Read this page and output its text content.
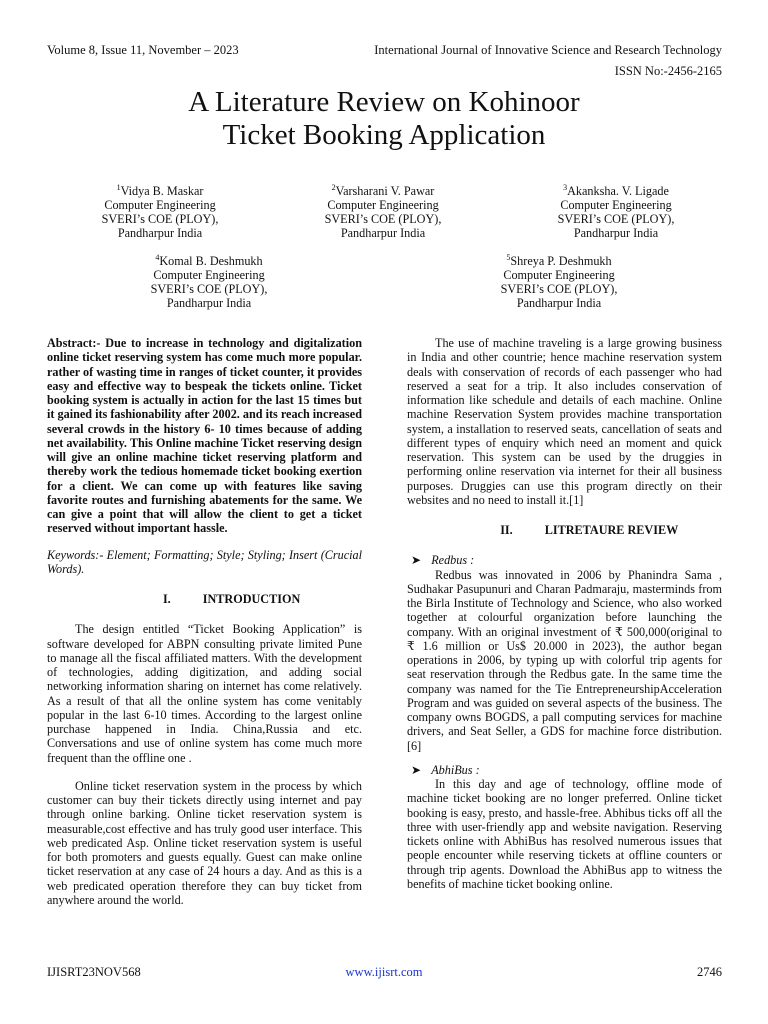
Volume 8, Issue 11, November – 2023	International Journal of Innovative Science and Research Technology
ISSN No:-2456-2165
A Literature Review on Kohinoor
Ticket Booking Application
$^1$Vidya B. Maskar
Computer Engineering
SVERI’s COE (PLOY),
Pandharpur India
$^2$Varsharani V. Pawar
Computer Engineering
SVERI’s COE (PLOY),
Pandharpur India
$^3$Akanksha. V. Ligade
Computer Engineering
SVERI’s COE (PLOY),
Pandharpur India
$^4$Komal B. Deshmukh
Computer Engineering
SVERI’s COE (PLOY),
Pandharpur India
$^5$Shreya P. Deshmukh
Computer Engineering
SVERI’s COE (PLOY),
Pandharpur India

Abstract:- Due to increase in technology and digitalization online ticket reserving system has come much more popular. rather of wasting time in ranges of ticket counter, it provides easy and effective way to bespeak the tickets online. Ticket booking system is actually in action for the last 15 times but it gained its fashionability after 2002. and its reach increased several crowds in the history 6- 10 times because of adding net availability. This Online machine Ticket reserving design will give an online machine ticket reserving platform and thereby work the tedious homemade ticket booking exertion for a client. We can come up with features like saving favorite routes and furnishing abatements for the same. We can give a point that will allow the client to get a ticket reserved without important hassle.

Keywords:- Element; Formatting; Style; Styling; Insert (Crucial Words).

I.	INTRODUCTION

The design entitled “Ticket Booking Application” is software developed for ABPN consulting private limited Pune to manage all the fiscal affiliated matters. With the development of technologies, adding digitization, and adding social networking information sharing on internet has come relatively. As a result of that all the online system has come venitably popular in the last 6-10 times. According to the largest online purchase happened in India. China,Russia and etc. Conversations and use of online system has come much more frequent than the offline one .

Online ticket reservation system in the process by which customer can buy their tickets directly using internet and pay through online barking. Online ticket reservation system is measurable,cost effective and has truly good user interface. This web predicated Asp. Online ticket reservation system is useful for both promoters and guests equally. Guest can make online ticket reservation at any case of 24 hours a day. And as this is a web predicated operation therefore they can buy ticket from anywhere around the world.

The use of machine traveling is a large growing business in India and other countrie; hence machine reservation system deals with conservation of records of each passenger who had reserved a seat for a trip. It also includes conservation of information like schedule and details of each machine. Online machine Reservation System provides machine transportation system, a installation to reserved seats, cancellation of seats and different types of enquiry which need an moment and quick reservation. This system can be used by the druggies in performing online reservation via internet for their all business purposes. Druggies can use this program directly on their websites and no need to install it.[1]

II.	LITRETAURE REVIEW

➤ Redbus :

Redbus was innovated in 2006 by Phanindra Sama , Sudhakar Pasupunuri and Charan Padmaraju, masterminds from the Birla Institute of Technology and Science, who also worked together at colourful organization before launching the company. With an original investment of ₹ 500,000(original to ₹ 1.6 million or Us$ 20.000 in 2023), the author began operations in 2006, by typing up with colorful trip agents for seat reservation through the Redbus gate. In the same time the company was named for the Tie EntrepreneurshipAcceleration Program and was guided on several aspects of the business. The company owns BOGDS, a pall computing services for machine drivers, and Seat Seller, a GDS for machine force distribution. [6]

➤ AbhiBus :

In this day and age of technology, offline mode of machine ticket booking are no longer preferred. Online ticket booking is easy, presto, and hassle-free. Abhibus ticks off all the three with user-friendly app and website navigation. Reserving tickets online with AbhiBus has resolved numerous issues that people encounter while reserving tickets at offline counters or through trip agents. Download the AbhiBus app to witness the benefits of machine ticket booking online.

IJISRT23NOV568	www.ijisrt.com	2746
